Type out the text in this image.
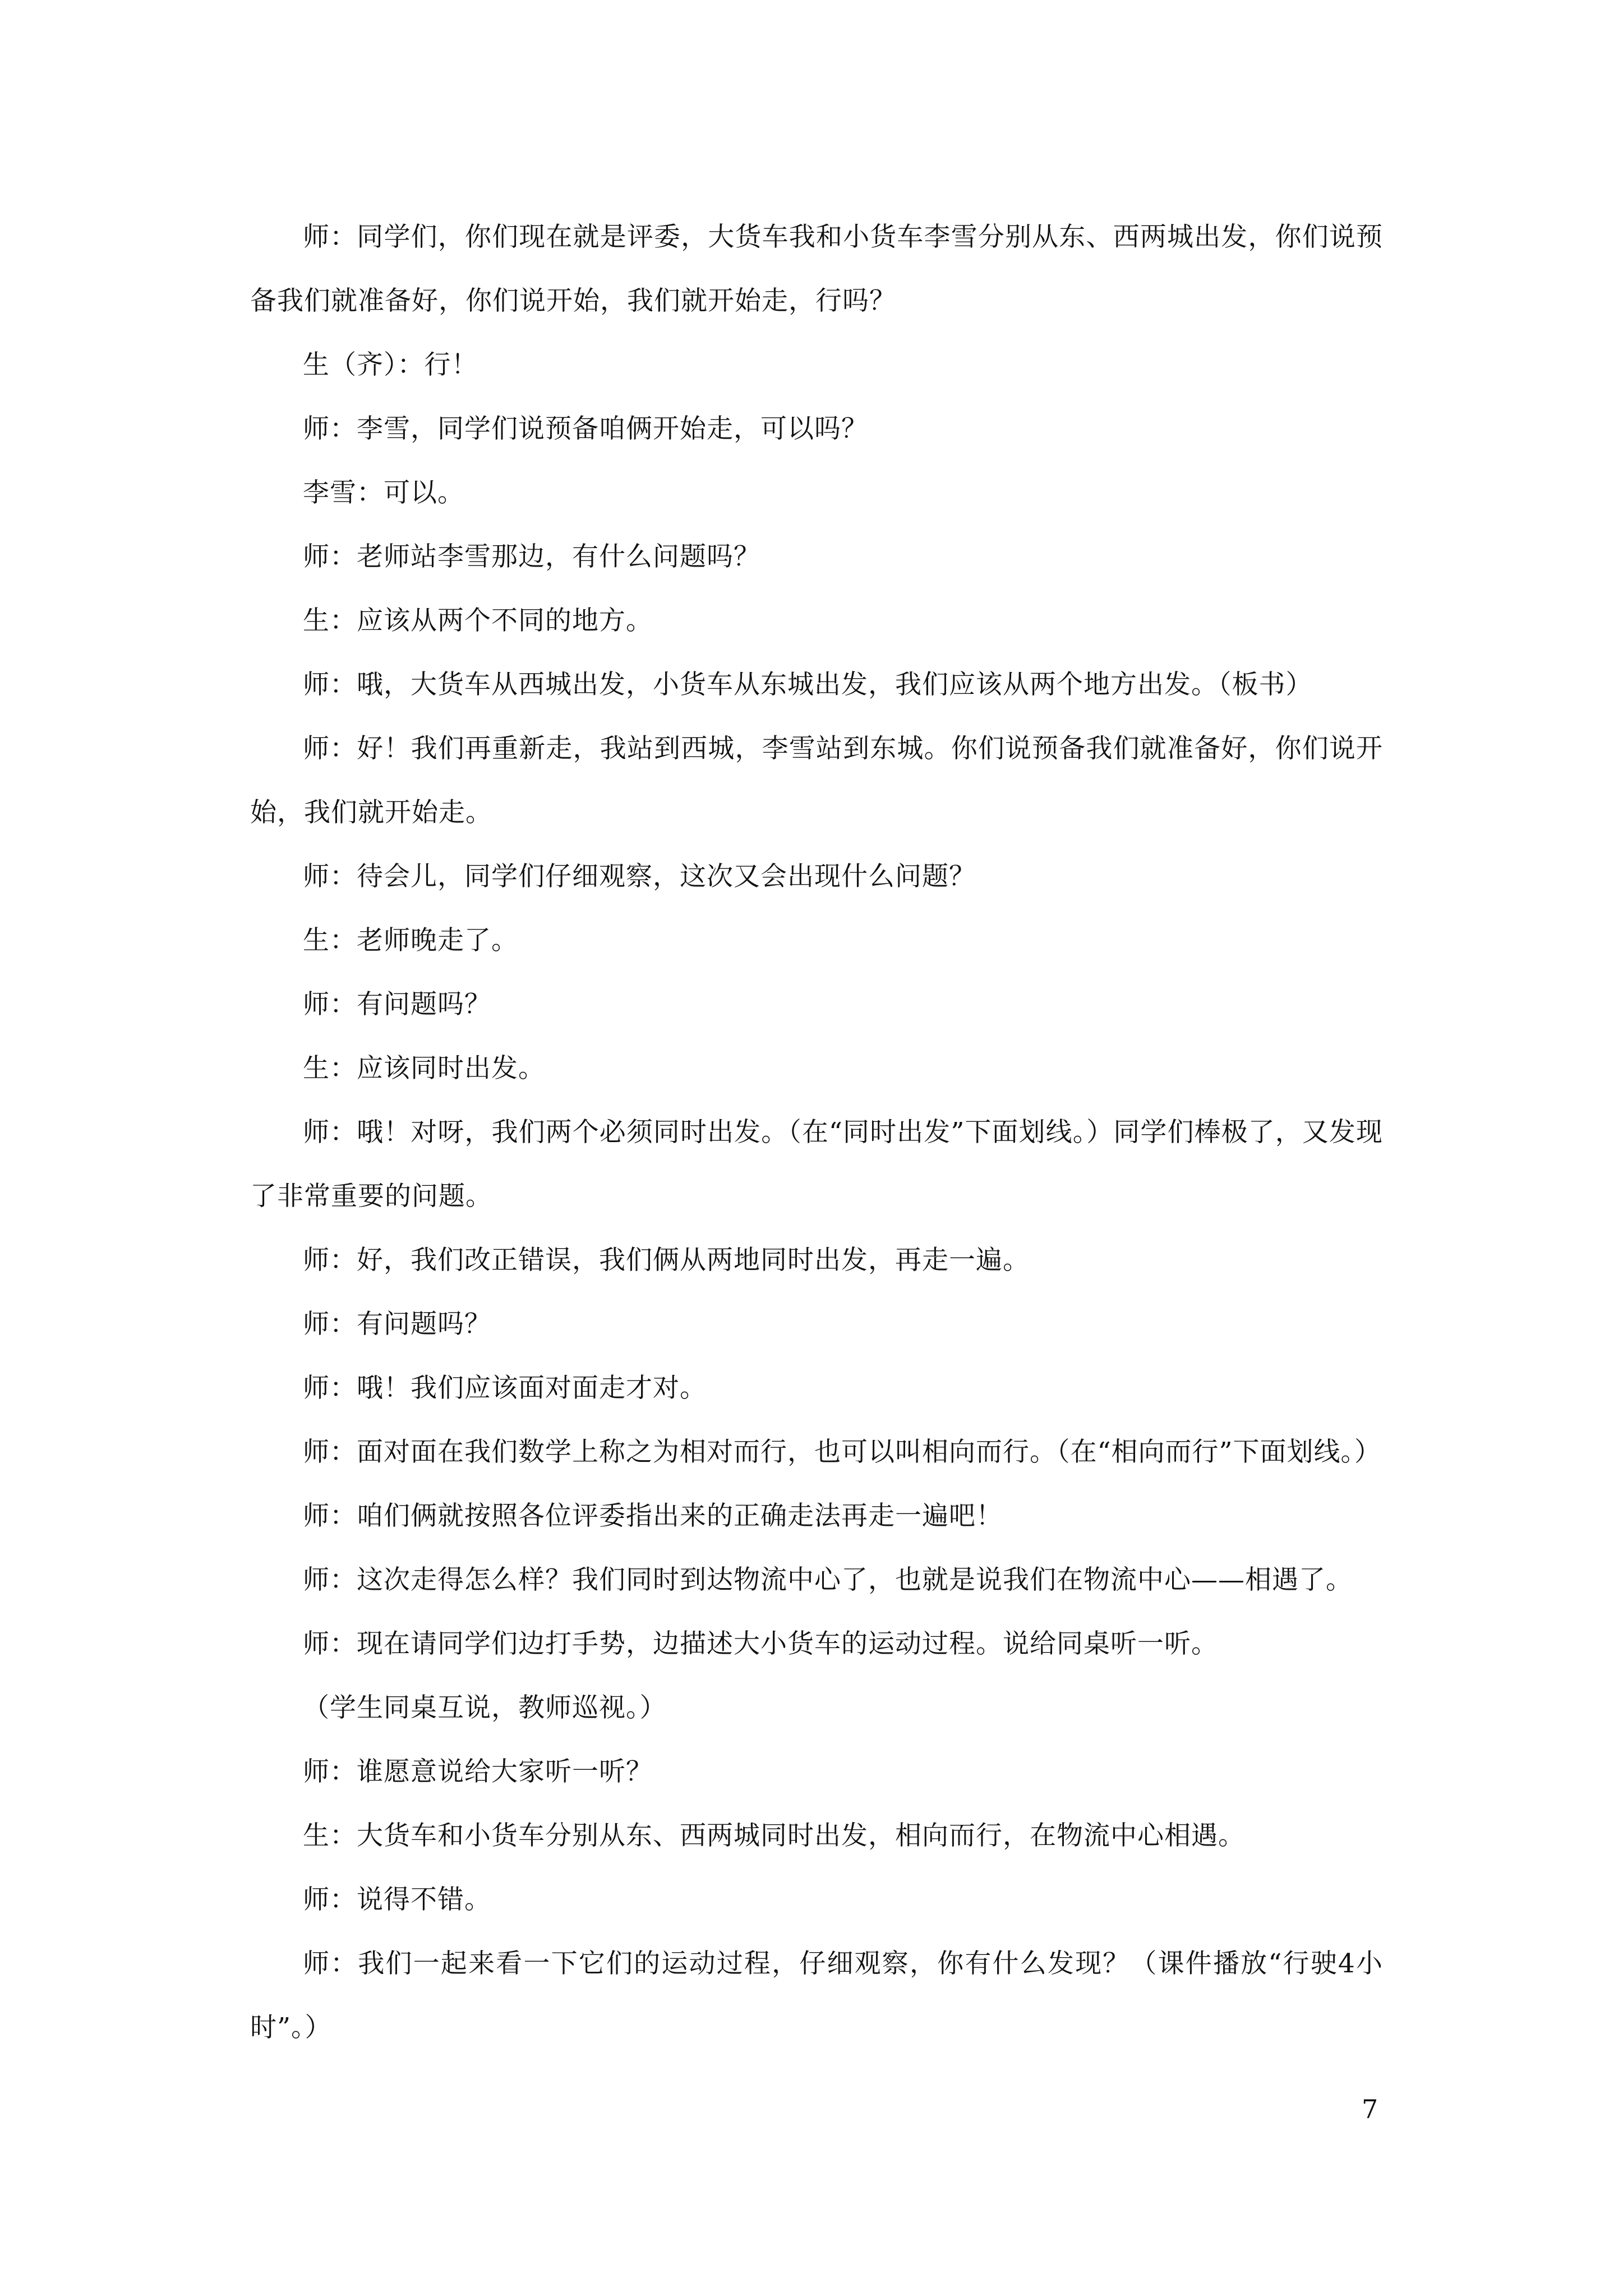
师：同学们，你们现在就是评委，大货车我和小货车李雪分别从东、西两城出发，你们说预备我们就准备好，你们说开始，我们就开始走，行吗？

生（齐）：行！

师：李雪，同学们说预备咱俩开始走，可以吗？

李雪：可以。

师：老师站李雪那边，有什么问题吗？

生：应该从两个不同的地方。

师：哦，大货车从西城出发，小货车从东城出发，我们应该从两个地方出发。（板书）

师：好！我们再重新走，我站到西城，李雪站到东城。你们说预备我们就准备好，你们说开始，我们就开始走。

师：待会儿，同学们仔细观察，这次又会出现什么问题？

生：老师晚走了。

师：有问题吗？

生：应该同时出发。

师：哦！对呀，我们两个必须同时出发。（在“同时出发”下面划线。）同学们棒极了，又发现了非常重要的问题。

师：好，我们改正错误，我们俩从两地同时出发，再走一遍。

师：有问题吗？

师：哦！我们应该面对面走才对。

师：面对面在我们数学上称之为相对而行，也可以叫相向而行。（在“相向而行”下面划线。）

师：咱们俩就按照各位评委指出来的正确走法再走一遍吧！

师：这次走得怎么样？我们同时到达物流中心了，也就是说我们在物流中心——相遇了。

师：现在请同学们边打手势，边描述大小货车的运动过程。说给同桌听一听。

（学生同桌互说，教师巡视。）

师：谁愿意说给大家听一听？

生：大货车和小货车分别从东、西两城同时出发，相向而行，在物流中心相遇。

师：说得不错。

师：我们一起来看一下它们的运动过程，仔细观察，你有什么发现？（课件播放“行驶4小时”。）

7
